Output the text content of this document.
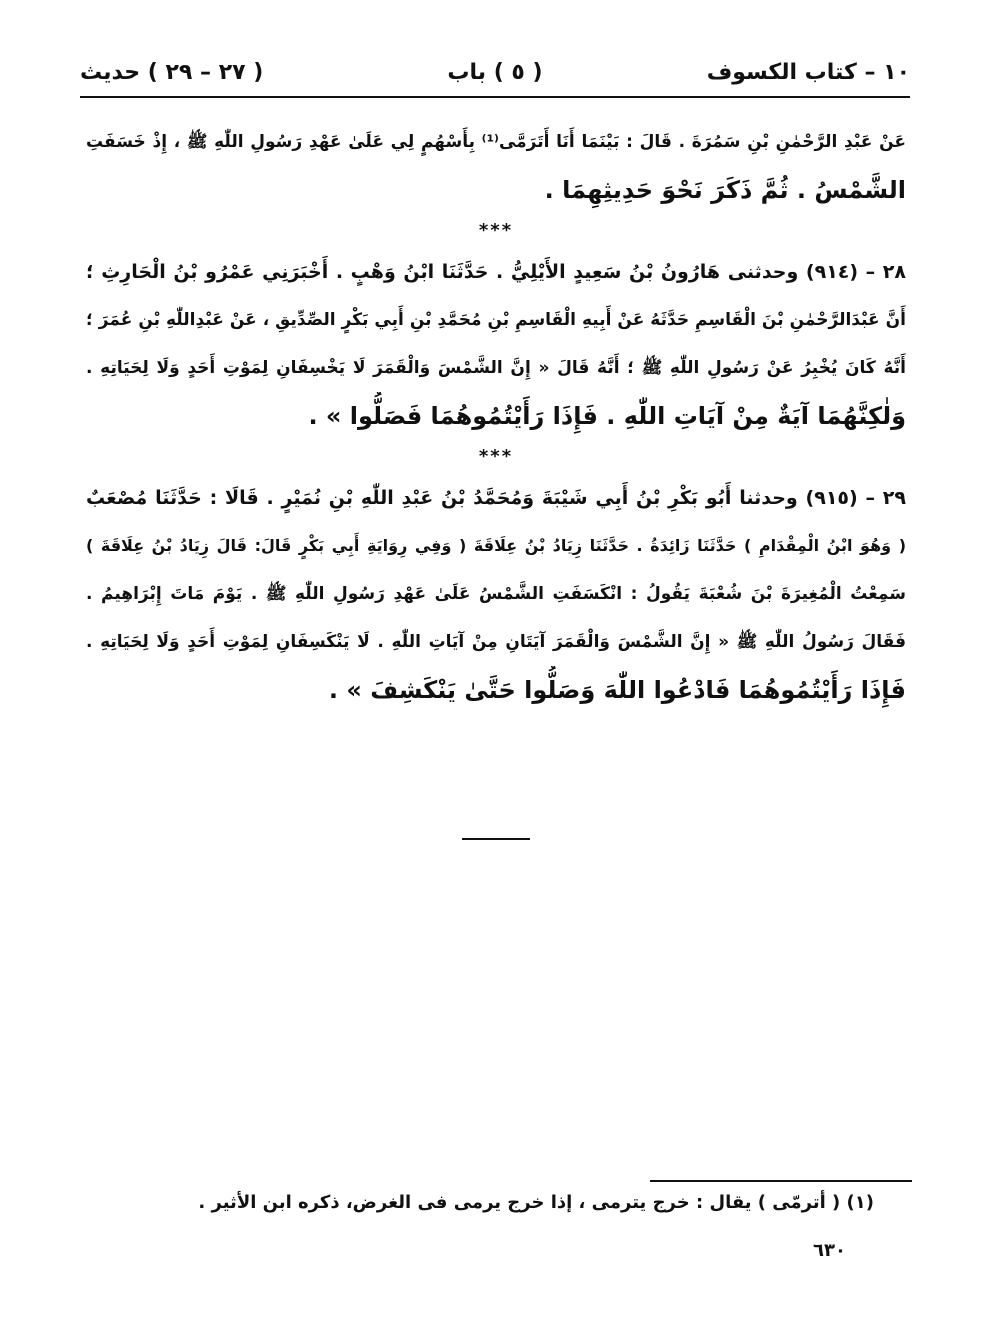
١٠ – كتاب الكسوف
( ٥ ) باب
( ٢٧ – ٢٩ ) حديث
عَنْ عَبْدِ الرَّحْمٰنِ بْنِ سَمُرَةَ . قَالَ : بَيْنَمَا أَنَا أَتَرَمَّى⁽¹⁾ بِأَسْهُمٍ لِي عَلَىٰ عَهْدِ رَسُولِ اللّٰهِ ﷺ ، إِذْ خَسَفَتِ
الشَّمْسُ . ثُمَّ ذَكَرَ نَحْوَ حَدِيثِهِمَا .
***
٢٨ – (٩١٤) وحدثنى هَارُونُ بْنُ سَعِيدٍ الأَيْلِيُّ . حَدَّثَنَا ابْنُ وَهْبٍ . أَخْبَرَنِي عَمْرُو بْنُ الْحَارِثِ ؛
أَنَّ عَبْدَالرَّحْمٰنِ بْنَ الْقَاسِمِ حَدَّثَهُ عَنْ أَبِيهِ الْقَاسِمِ بْنِ مُحَمَّدِ بْنِ أَبِي بَكْرٍ الصِّدِّيقِ ، عَنْ عَبْدِاللّٰهِ بْنِ عُمَرَ ؛
أَنَّهُ كَانَ يُخْبِرُ عَنْ رَسُولِ اللّٰهِ ﷺ ؛ أَنَّهُ قَالَ « إِنَّ الشَّمْسَ وَالْقَمَرَ لَا يَخْسِفَانِ لِمَوْتِ أَحَدٍ وَلَا لِحَيَاتِهِ .
وَلٰكِنَّهُمَا آيَةٌ مِنْ آيَاتِ اللّٰهِ . فَإِذَا رَأَيْتُمُوهُمَا فَصَلُّوا » .
***
٢٩ – (٩١٥) وحدثنا أَبُو بَكْرِ بْنُ أَبِي شَيْبَةَ وَمُحَمَّدُ بْنُ عَبْدِ اللّٰهِ بْنِ نُمَيْرٍ . قَالَا : حَدَّثَنَا مُصْعَبٌ
( وَهُوَ ابْنُ الْمِقْدَامِ ) حَدَّثَنَا زَائِدَةُ . حَدَّثَنَا زِيَادُ بْنُ عِلَاقَةَ ( وَفِي رِوَايَةِ أَبِي بَكْرٍ قَالَ: قَالَ زِيَادُ بْنُ عِلَاقَةَ )
سَمِعْتُ الْمُغِيرَةَ بْنَ شُعْبَةَ يَقُولُ : انْكَسَفَتِ الشَّمْسُ عَلَىٰ عَهْدِ رَسُولِ اللّٰهِ ﷺ . يَوْمَ مَاتَ إِبْرَاهِيمُ .
فَقَالَ رَسُولُ اللّٰهِ ﷺ « إِنَّ الشَّمْسَ وَالْقَمَرَ آيَتَانِ مِنْ آيَاتِ اللّٰهِ . لَا يَنْكَسِفَانِ لِمَوْتِ أَحَدٍ وَلَا لِحَيَاتِهِ .
فَإِذَا رَأَيْتُمُوهُمَا فَادْعُوا اللّٰهَ وَصَلُّوا حَتَّىٰ يَنْكَشِفَ » .
(١) ( أترمّى ) يقال : خرج يترمى ، إذا خرج يرمى فى الغرض، ذكره ابن الأثير .
٦٣٠
